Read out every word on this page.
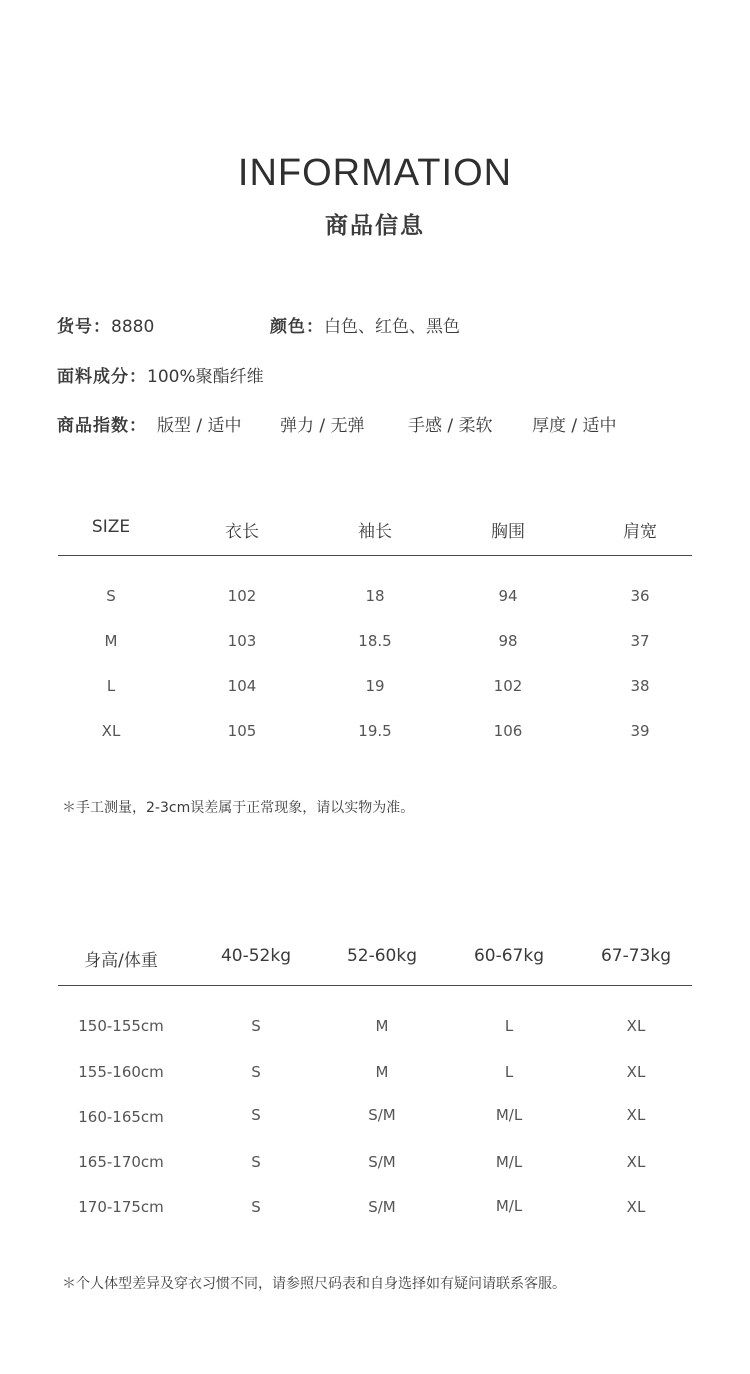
INFORMATION
商品信息
货号：8880	颜色：白色、红色、黑色
面料成分：100%聚酯纤维
商品指数： 版型 / 适中 弹力 / 无弹	手感 / 柔软 厚度 / 适中
SIZE	衣长	袖长	胸围	肩宽
S	102	18	94	36
M	103	18.5	98	37
L	104	19	102	38
XL	105	19.5	106	39
＊手工测量，2-3cm误差属于正常现象，请以实物为准。
身高/体重	40-52kg	52-60kg	60-67kg	67-73kg
150-155cm	S	M	L	XL
155-160cm	S	M	L	XL
160-165cm	S	S/M	M/L	XL
165-170cm	S	S/M	M/L	XL
170-175cm	S	S/M	M/L	XL
＊个人体型差异及穿衣习惯不同，请参照尺码表和自身选择如有疑问请联系客服。
